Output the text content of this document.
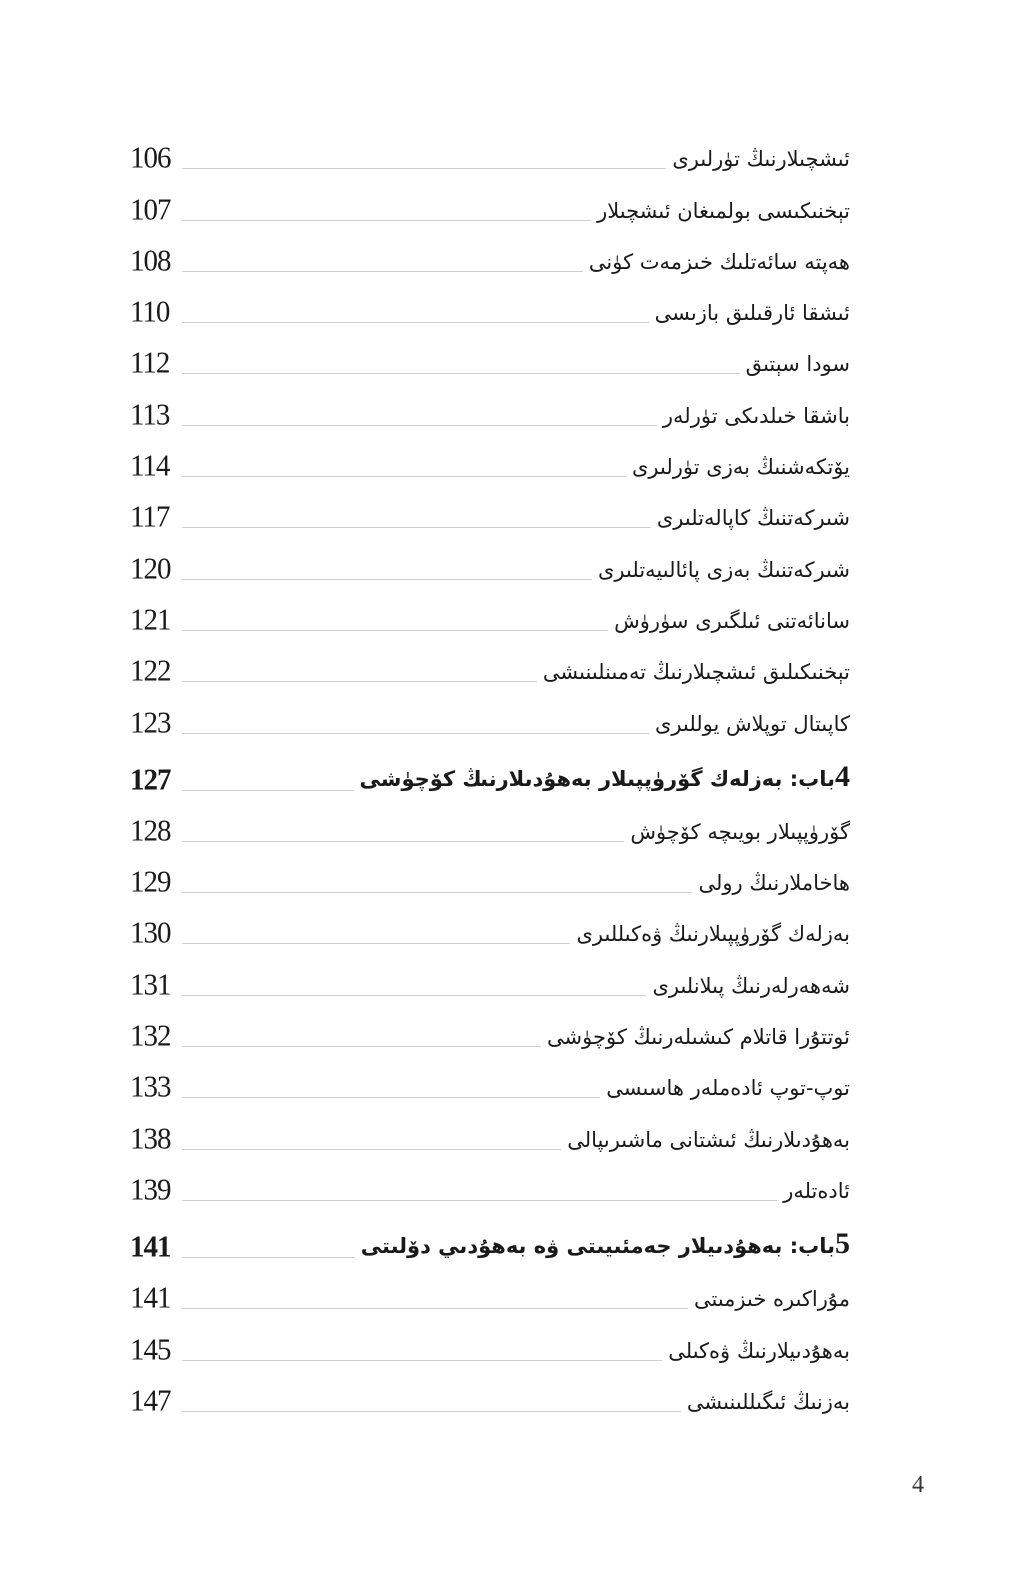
106	ئىشچىلارنىڭ تۈرلىرى
107	تېخنىكىسى بولمىغان ئىشچىلار
108	ھەپتە سائەتلىك خىزمەت كۈنى
110	ئىشقا ئارقىلىق بازىسى
112	سودا سېتىق
113	باشقا خىلدىكى تۈرلەر
114	يۆتكەشنىڭ بەزى تۈرلىرى
117	شىركەتنىڭ كاپالەتلىرى
120	شىركەتنىڭ بەزى پائالىيەتلىرى
121	سانائەتنى ئىلگىرى سۈرۈش
122	تېخنىكىلىق ئىشچىلارنىڭ تەمىنلىنىشى
123	كاپىتال توپلاش يوللىرى
127	4باب: بەزلەك گۆرۈپپىلار بەھۇدىلارنىڭ كۆچۈشى
128	گۆرۈپپىلار بويىچە كۆچۈش
129	ھاخاملارنىڭ رولى
130	بەزلەك گۆرۈپپىلارنىڭ ۋەكىللىرى
131	شەھەرلەرنىڭ پىلانلىرى
132	ئوتتۇرا قاتلام كىشىلەرنىڭ كۆچۈشى
133	توپ-توپ ئادەملەر ھاسىسى
138	بەھۇدىلارنىڭ ئىشتانى ماشىرىپالى
139	ئادەتلەر
141	5باب: بەھۇدىيلار جەمئىيىتى ۋە بەھۇدىي دۆلىتى
141	مۇراكىرە خىزمىتى
145	بەھۇدىيلارنىڭ ۋەكىلى
147	بەزنىڭ ئىگىللىنىشى
4
